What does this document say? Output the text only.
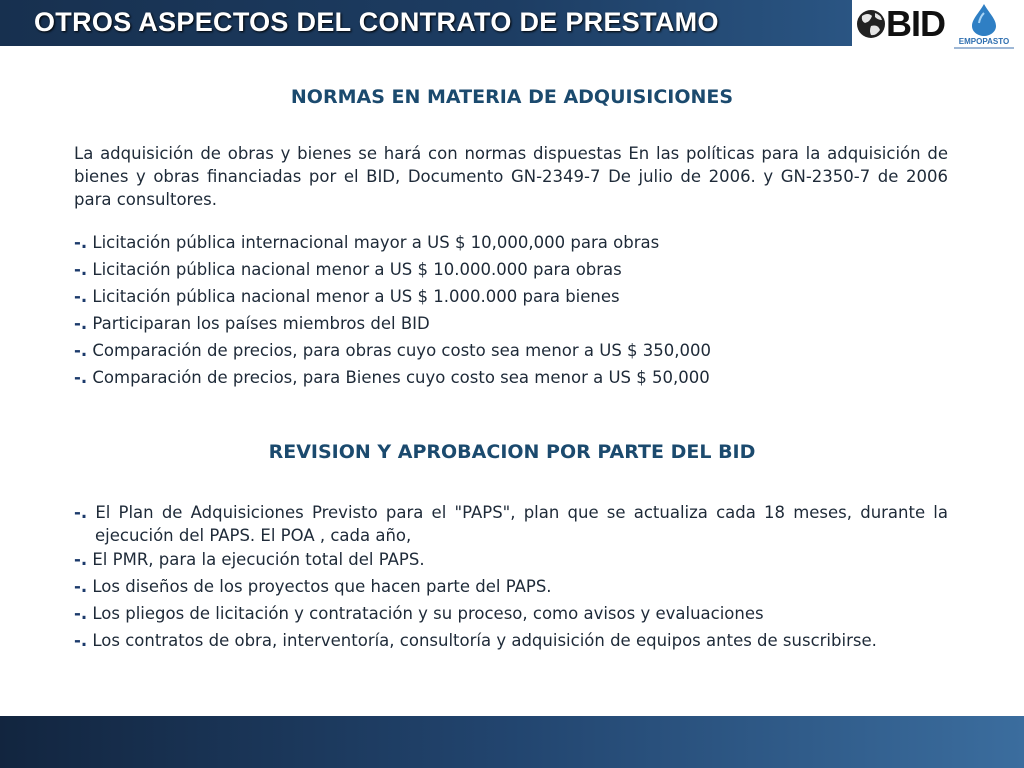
OTROS ASPECTOS DEL CONTRATO DE PRESTAMO	BID	EMPOPASTO
NORMAS EN MATERIA DE ADQUISICIONES
La adquisición de obras y bienes se hará con normas dispuestas En las políticas para la adquisición de bienes y obras financiadas por el BID, Documento GN-2349-7 De julio de 2006. y GN-2350-7 de 2006 para consultores.
-. Licitación pública internacional mayor a US $ 10,000,000 para obras
-. Licitación pública nacional menor a US $ 10.000.000 para obras
-. Licitación pública nacional menor a US $ 1.000.000 para bienes
-. Participaran los países miembros del BID
-. Comparación de precios, para obras cuyo costo sea menor a US $ 350,000
-. Comparación de precios, para Bienes cuyo costo sea menor a US $ 50,000
REVISION Y APROBACION POR PARTE DEL BID
-. El Plan de Adquisiciones Previsto para el "PAPS", plan que se actualiza cada 18 meses, durante la ejecución del PAPS. El POA , cada año,
-. El PMR, para la ejecución total del PAPS.
-. Los diseños de los proyectos que hacen parte del PAPS.
-. Los pliegos de licitación y contratación y su proceso, como avisos y evaluaciones
-. Los contratos de obra, interventoría, consultoría y adquisición de equipos antes de suscribirse.
